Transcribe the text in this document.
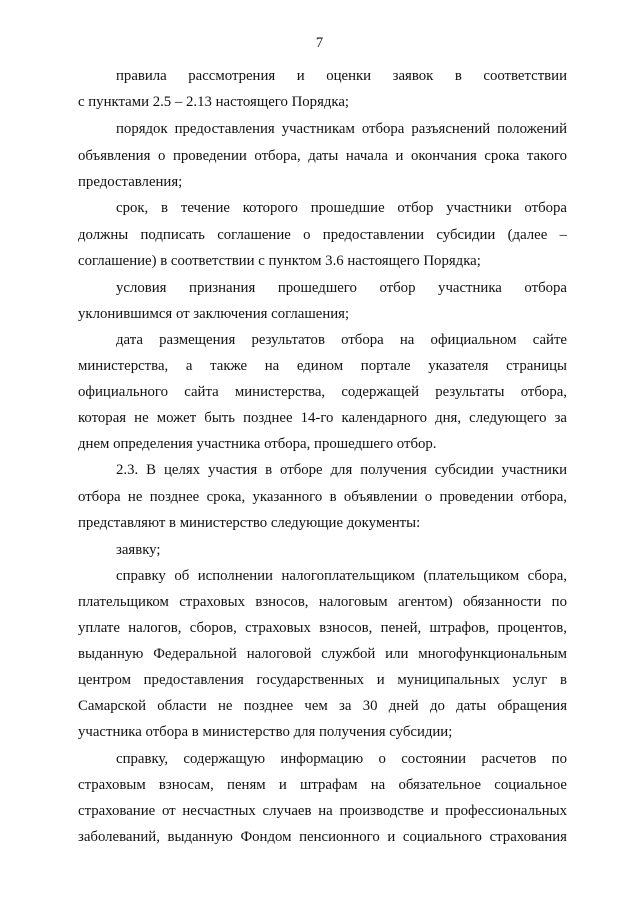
7
правила рассмотрения и оценки заявок в соответствии
с пунктами 2.5 – 2.13 настоящего Порядка;
порядок предоставления участникам отбора разъяснений положений
объявления о проведении отбора, даты начала и окончания срока такого
предоставления;
срок, в течение которого прошедшие отбор участники отбора
должны подписать соглашение о предоставлении субсидии (далее –
соглашение) в соответствии с пунктом 3.6 настоящего Порядка;
условия признания прошедшего отбор участника отбора
уклонившимся от заключения соглашения;
дата размещения результатов отбора на официальном сайте
министерства, а также на едином портале указателя страницы
официального сайта министерства, содержащей результаты отбора,
которая не может быть позднее 14-го календарного дня, следующего за
днем определения участника отбора, прошедшего отбор.
2.3. В целях участия в отборе для получения субсидии участники
отбора не позднее срока, указанного в объявлении о проведении отбора,
представляют в министерство следующие документы:
заявку;
справку об исполнении налогоплательщиком (плательщиком сбора,
плательщиком страховых взносов, налоговым агентом) обязанности по
уплате налогов, сборов, страховых взносов, пеней, штрафов, процентов,
выданную Федеральной налоговой службой или многофункциональным
центром предоставления государственных и муниципальных услуг в
Самарской области не позднее чем за 30 дней до даты обращения
участника отбора в министерство для получения субсидии;
справку, содержащую информацию о состоянии расчетов по
страховым взносам, пеням и штрафам на обязательное социальное
страхование от несчастных случаев на производстве и профессиональных
заболеваний, выданную Фондом пенсионного и социального страхования
